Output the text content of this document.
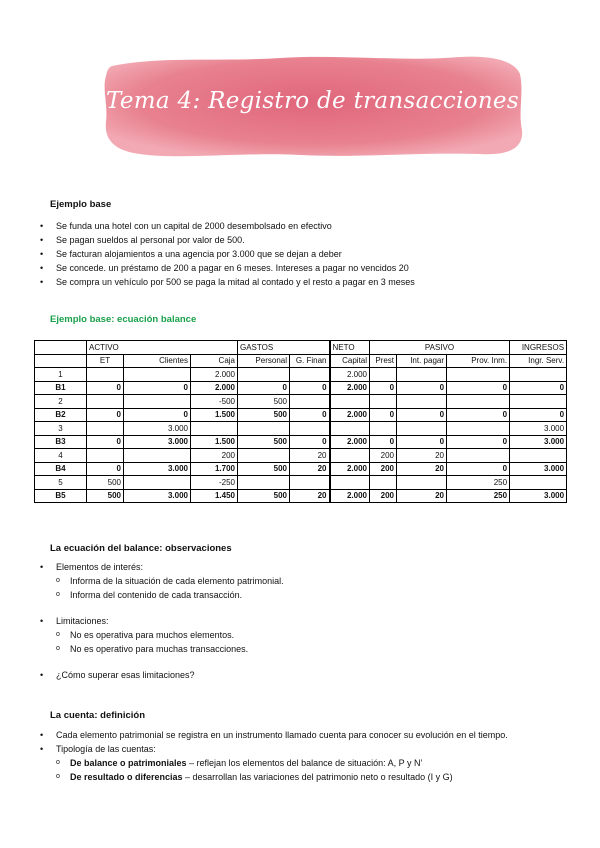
Tema 4: Registro de transacciones
Ejemplo base
• Se funda una hotel con un capital de 2000 desembolsado en efectivo
• Se pagan sueldos al personal por valor de 500.
• Se facturan alojamientos a una agencia por 3.000 que se dejan a deber
• Se concede. un préstamo de 200 a pagar en 6 meses. Intereses a pagar no vencidos 20
• Se compra un vehículo por 500 se paga la mitad al contado y el resto a pagar en 3 meses
Ejemplo base: ecuación balance
	ACTIVO			GASTOS		NETO	PASIVO			INGRESOS
	ET	Clientes	Caja	Personal	G. Finan	Capital	Prest	Int. pagar	Prov. Inm.	Ingr. Serv.
1			2.000			2.000				
B1	0	0	2.000	0	0	2.000	0	0	0	0
2			-500	500						
B2	0	0	1.500	500	0	2.000	0	0	0	0
3		3.000								3.000
B3	0	3.000	1.500	500	0	2.000	0	0	0	3.000
4			200		20		200	20		
B4	0	3.000	1.700	500	20	2.000	200	20	0	3.000
5	500		-250						250	
B5	500	3.000	1.450	500	20	2.000	200	20	250	3.000
La ecuación del balance: observaciones
• Elementos de interés:
o Informa de la situación de cada elemento patrimonial.
o Informa del contenido de cada transacción.
• Limitaciones:
o No es operativa para muchos elementos.
o No es operativo para muchas transacciones.
• ¿Cómo superar esas limitaciones?
La cuenta: definición
• Cada elemento patrimonial se registra en un instrumento llamado cuenta para conocer su evolución en el tiempo.
• Tipología de las cuentas:
o De balance o patrimoniales – reflejan los elementos del balance de situación: A, P y N’
o De resultado o diferencias – desarrollan las variaciones del patrimonio neto o resultado (I y G)
